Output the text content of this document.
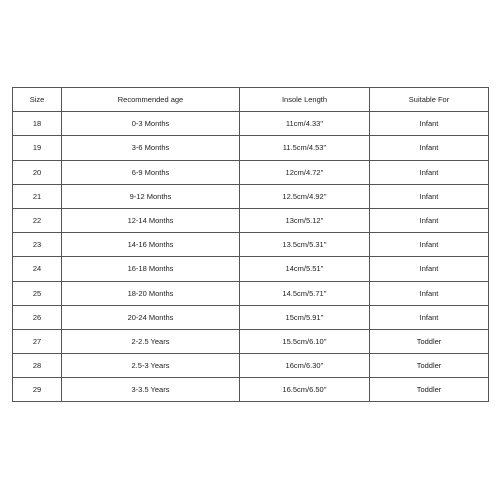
Size	Recommended age	Insole Length	Suitable For
18	0-3 Months	11cm/4.33''	Infant
19	3-6 Months	11.5cm/4.53''	Infant
20	6-9 Months	12cm/4.72''	Infant
21	9-12 Months	12.5cm/4.92''	Infant
22	12-14 Months	13cm/5.12''	Infant
23	14-16 Months	13.5cm/5.31''	Infant
24	16-18 Months	14cm/5.51''	Infant
25	18-20 Months	14.5cm/5.71''	Infant
26	20-24 Months	15cm/5.91''	Infant
27	2-2.5 Years	15.5cm/6.10''	Toddler
28	2.5-3 Years	16cm/6.30''	Toddler
29	3-3.5 Years	16.5cm/6.50''	Toddler
